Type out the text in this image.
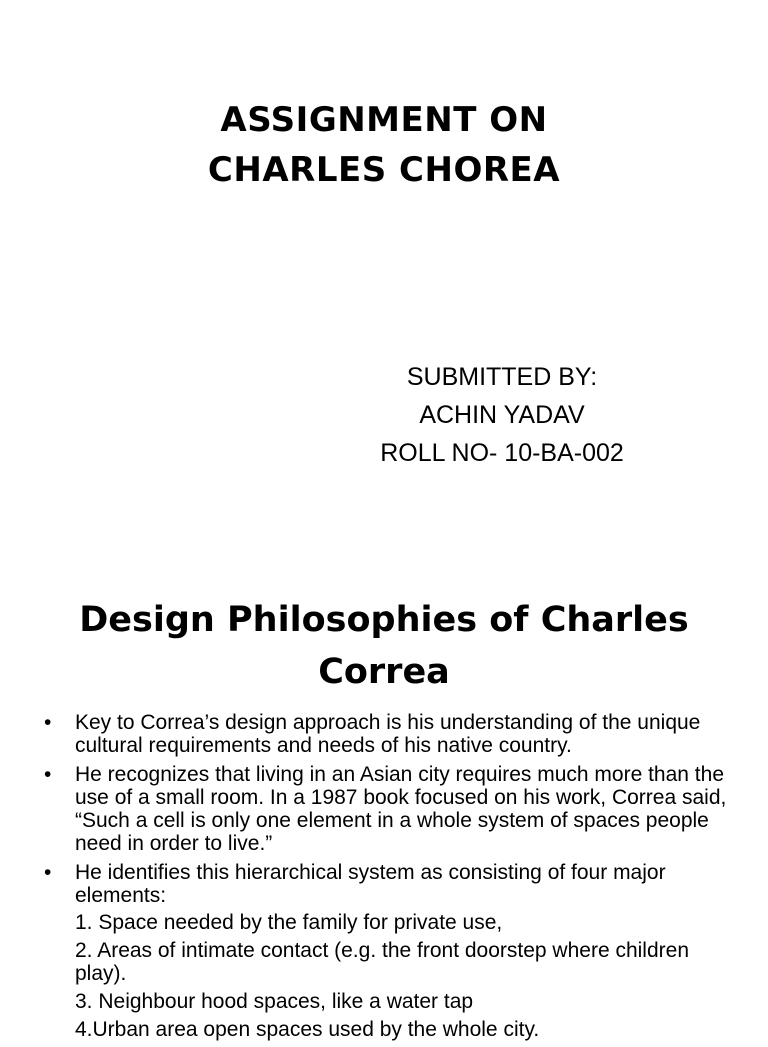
ASSIGNMENT ON
CHARLES CHOREA
SUBMITTED BY:
ACHIN YADAV
ROLL NO- 10-BA-002
Design Philosophies of Charles
Correa
• Key to Correa’s design approach is his understanding of the unique cultural requirements and needs of his native country.
• He recognizes that living in an Asian city requires much more than the use of a small room. In a 1987 book focused on his work, Correa said, “Such a cell is only one element in a whole system of spaces people need in order to live.”
• He identifies this hierarchical system as consisting of four major elements:
1. Space needed by the family for private use,
2. Areas of intimate contact (e.g. the front doorstep where children play).
3. Neighbour hood spaces, like a water tap
4.Urban area open spaces used by the whole city.
